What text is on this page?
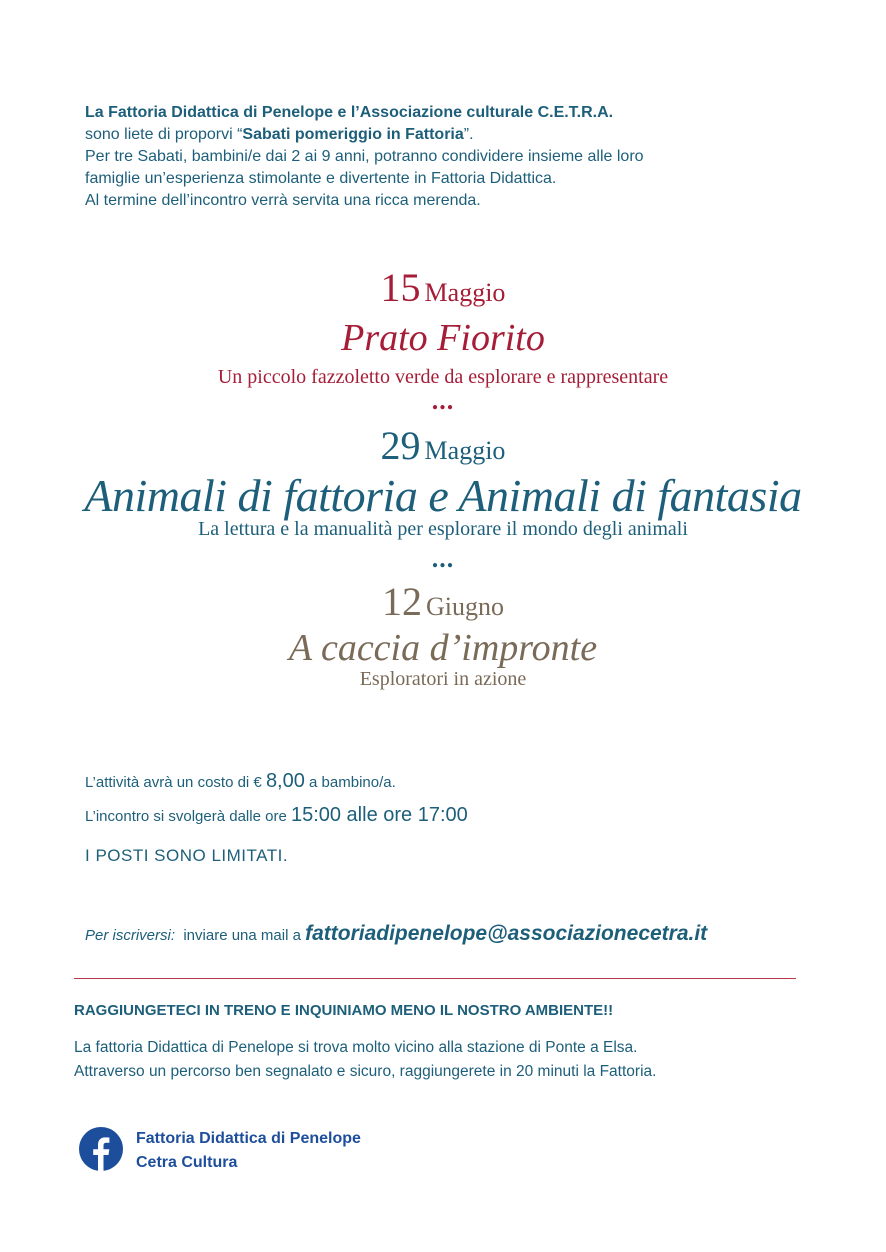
La Fattoria Didattica di Penelope e l’Associazione culturale C.E.T.R.A.
sono liete di proporvi “Sabati pomeriggio in Fattoria”.
Per tre Sabati, bambini/e dai 2 ai 9 anni, potranno condividere insieme alle loro
famiglie un’esperienza stimolante e divertente in Fattoria Didattica.
Al termine dell’incontro verrà servita una ricca merenda.
15 Maggio
Prato Fiorito
Un piccolo fazzoletto verde da esplorare e rappresentare
...
29 Maggio
Animali di fattoria e Animali di fantasia
La lettura e la manualità per esplorare il mondo degli animali
...
12 Giugno
A caccia d’impronte
Esploratori in azione
L’attività avrà un costo di € 8,00 a bambino/a.
L’incontro si svolgerà dalle ore 15:00 alle ore 17:00
I POSTI SONO LIMITATI.
Per iscriversi:  inviare una mail a fattoriadipenelope@associazionecetra.it
RAGGIUNGETECI IN TRENO E INQUINIAMO MENO IL NOSTRO AMBIENTE!!
La fattoria Didattica di Penelope si trova molto vicino alla stazione di Ponte a Elsa.
Attraverso un percorso ben segnalato e sicuro, raggiungerete in 20 minuti la Fattoria.
Fattoria Didattica di Penelope
Cetra Cultura
